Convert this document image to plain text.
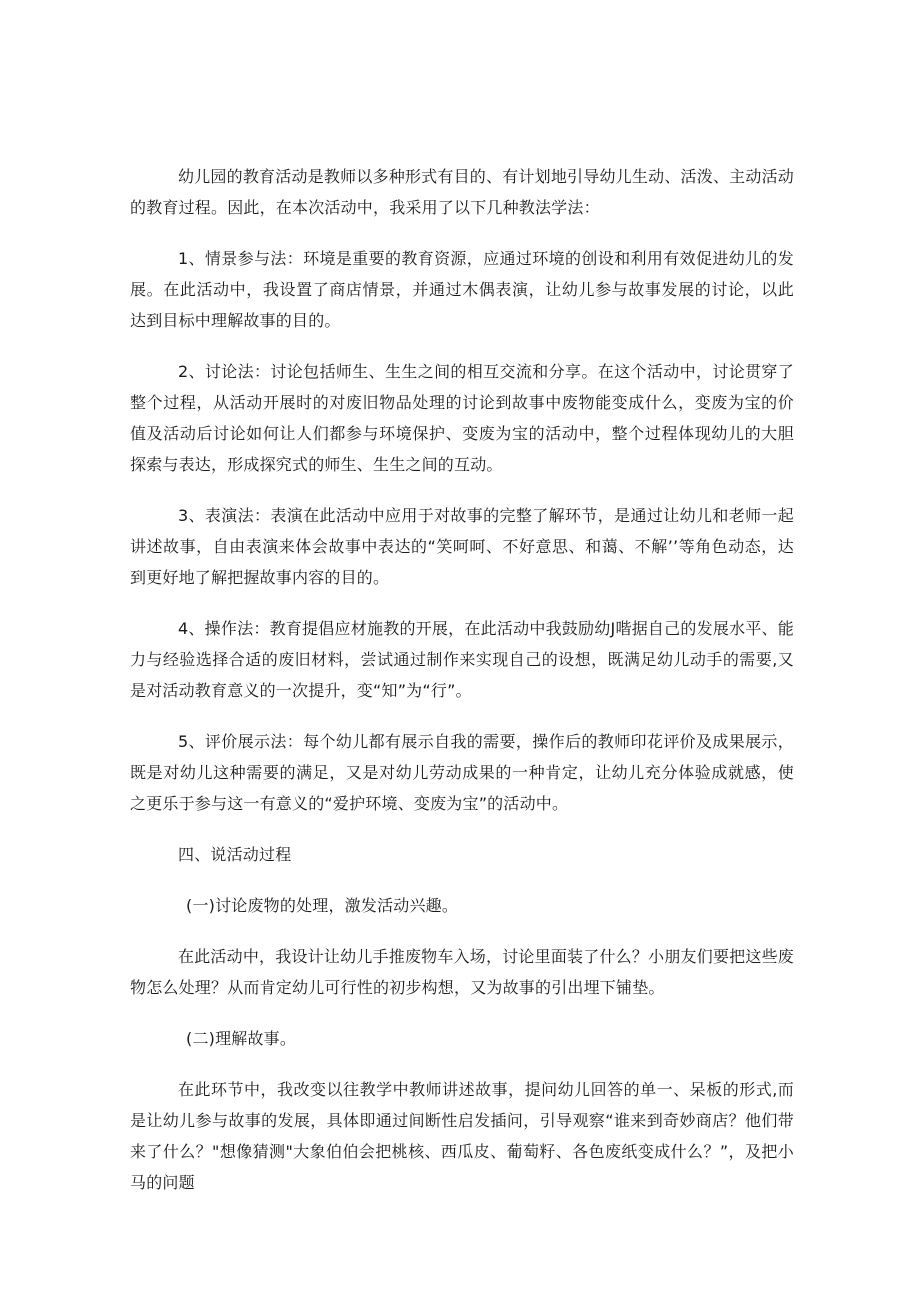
幼儿园的教育活动是教师以多种形式有目的、有计划地引导幼儿生动、活泼、主动活动的教育过程。因此，在本次活动中，我采用了以下几种教法学法：

1、情景参与法：环境是重要的教育资源，应通过环境的创设和利用有效促进幼儿的发展。在此活动中，我设置了商店情景，并通过木偶表演，让幼儿参与故事发展的讨论，以此达到目标中理解故事的目的。

2、讨论法：讨论包括师生、生生之间的相互交流和分享。在这个活动中，讨论贯穿了整个过程，从活动开展时的对废旧物品处理的讨论到故事中废物能变成什么，变废为宝的价值及活动后讨论如何让人们都参与环境保护、变废为宝的活动中，整个过程体现幼儿的大胆探索与表达，形成探究式的师生、生生之间的互动。

3、表演法：表演在此活动中应用于对故事的完整了解环节，是通过让幼儿和老师一起讲述故事，自由表演来体会故事中表达的“笑呵呵、不好意思、和蔼、不解’’等角色动态，达到更好地了解把握故事内容的目的。

4、操作法：教育提倡应材施教的开展，在此活动中我鼓励幼J喈据自己的发展水平、能力与经验选择合适的废旧材料，尝试通过制作来实现自己的设想，既满足幼儿动手的需要,又是对活动教育意义的一次提升，变“知”为“行”。

5、评价展示法：每个幼儿都有展示自我的需要，操作后的教师印花评价及成果展示，既是对幼儿这种需要的满足，又是对幼儿劳动成果的一种肯定，让幼儿充分体验成就感，使之更乐于参与这一有意义的“爱护环境、变废为宝”的活动中。

四、说活动过程

(一)讨论废物的处理，激发活动兴趣。

在此活动中，我设计让幼儿手推废物车入场，讨论里面装了什么？小朋友们要把这些废物怎么处理？从而肯定幼儿可行性的初步构想，又为故事的引出埋下铺垫。

(二)理解故事。

在此环节中，我改变以往教学中教师讲述故事，提问幼儿回答的单一、呆板的形式,而是让幼儿参与故事的发展，具体即通过间断性启发插问，引导观察“谁来到奇妙商店？他们带来了什么？"想像猜测"大象伯伯会把桃核、西瓜皮、葡萄籽、各色废纸变成什么？”，及把小马的问题
